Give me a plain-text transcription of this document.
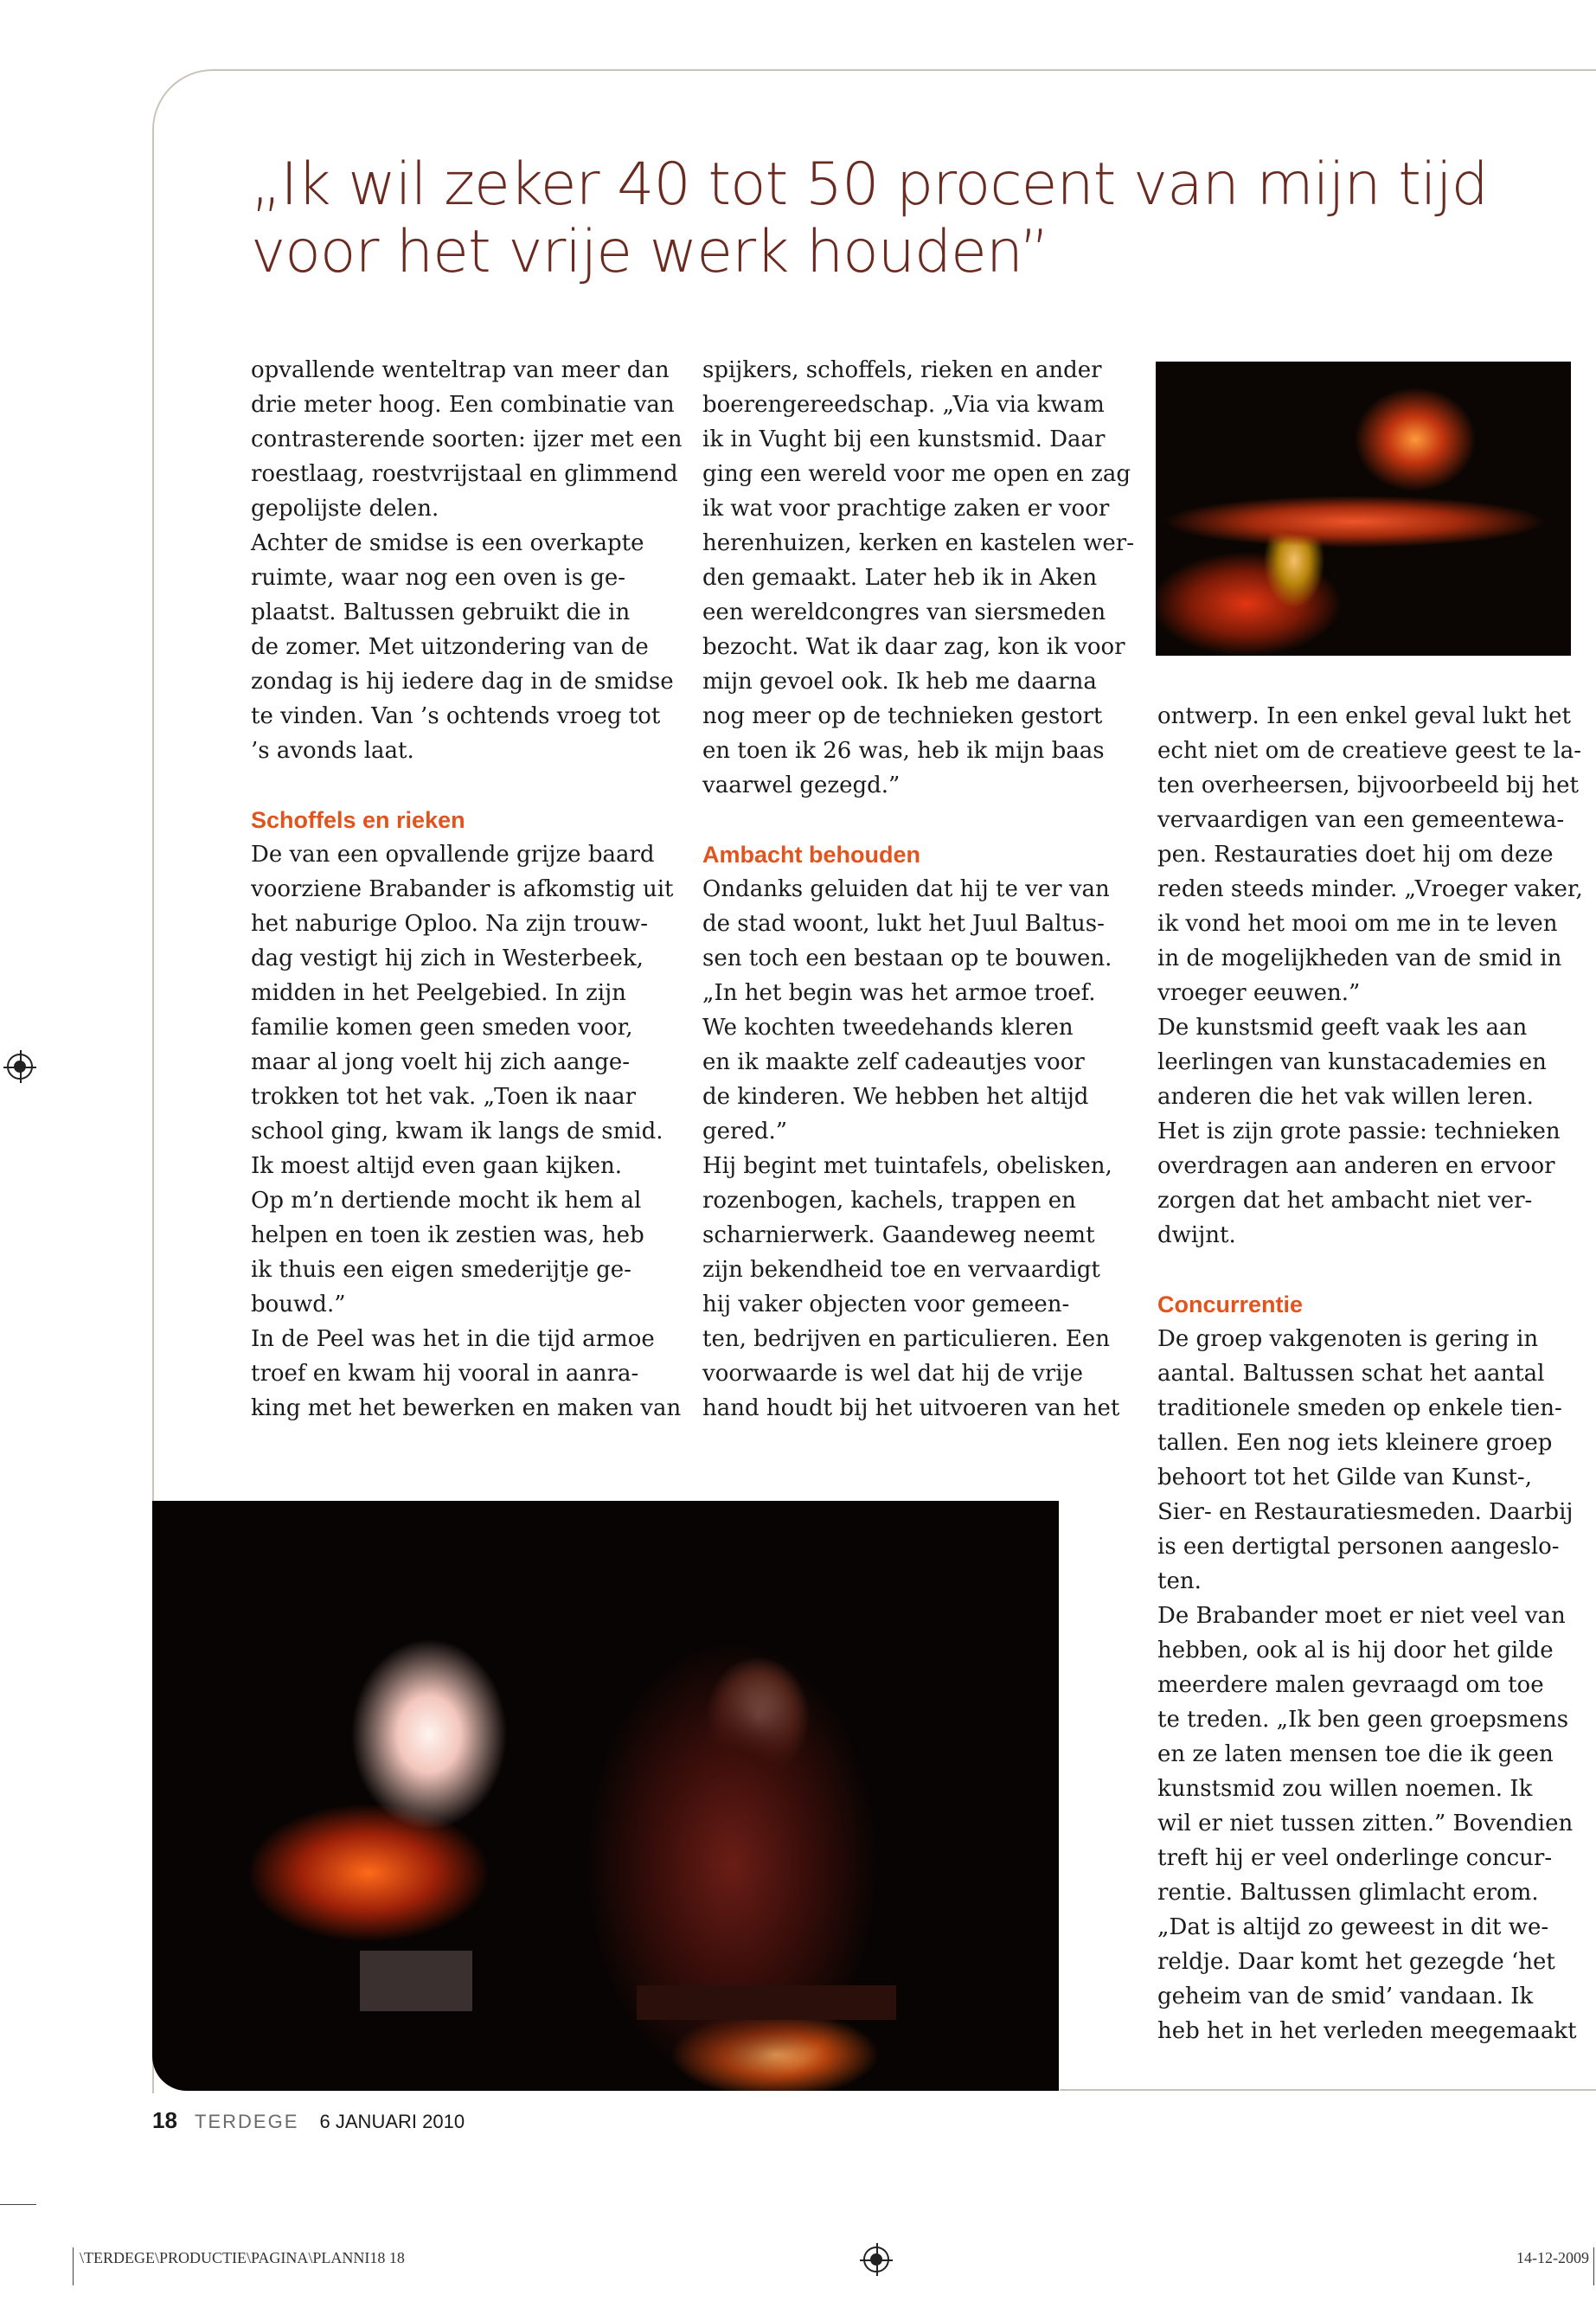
„Ik wil zeker 40 tot 50 procent van mijn tijd
voor het vrije werk houden”

opvallende wenteltrap van meer dan

drie meter hoog. Een combinatie van

contrasterende soorten: ijzer met een

roestlaag, roestvrijstaal en glimmend

gepolijste delen.

Achter de smidse is een overkapte

ruimte, waar nog een oven is ge-

plaatst. Baltussen gebruikt die in

de zomer. Met uitzondering van de

zondag is hij iedere dag in de smidse

te vinden. Van ’s ochtends vroeg tot

’s avonds laat.

Schoffels en rieken

De van een opvallende grijze baard

voorziene Brabander is afkomstig uit

het naburige Oploo. Na zijn trouw-

dag vestigt hij zich in Westerbeek,

midden in het Peelgebied. In zijn

familie komen geen smeden voor,

maar al jong voelt hij zich aange-

trokken tot het vak. „Toen ik naar

school ging, kwam ik langs de smid.

Ik moest altijd even gaan kijken.

Op m’n dertiende mocht ik hem al

helpen en toen ik zestien was, heb

ik thuis een eigen smederijtje ge-

bouwd.”

In de Peel was het in die tijd armoe

troef en kwam hij vooral in aanra-

king met het bewerken en maken van

spijkers, schoffels, rieken en ander

boerengereedschap. „Via via kwam

ik in Vught bij een kunstsmid. Daar

ging een wereld voor me open en zag

ik wat voor prachtige zaken er voor

herenhuizen, kerken en kastelen wer-

den gemaakt. Later heb ik in Aken

een wereldcongres van siersmeden

bezocht. Wat ik daar zag, kon ik voor

mijn gevoel ook. Ik heb me daarna

nog meer op de technieken gestort

en toen ik 26 was, heb ik mijn baas

vaarwel gezegd.”

Ambacht behouden

Ondanks geluiden dat hij te ver van

de stad woont, lukt het Juul Baltus-

sen toch een bestaan op te bouwen.

„In het begin was het armoe troef.

We kochten tweedehands kleren

en ik maakte zelf cadeautjes voor

de kinderen. We hebben het altijd

gered.”

Hij begint met tuintafels, obelisken,

rozenbogen, kachels, trappen en

scharnierwerk. Gaandeweg neemt

zijn bekendheid toe en vervaardigt

hij vaker objecten voor gemeen-

ten, bedrijven en particulieren. Een

voorwaarde is wel dat hij de vrije

hand houdt bij het uitvoeren van het

ontwerp. In een enkel geval lukt het

echt niet om de creatieve geest te la-

ten overheersen, bijvoorbeeld bij het

vervaardigen van een gemeentewa-

pen. Restauraties doet hij om deze

reden steeds minder. „Vroeger vaker,

ik vond het mooi om me in te leven

in de mogelijkheden van de smid in

vroeger eeuwen.”

De kunstsmid geeft vaak les aan

leerlingen van kunstacademies en

anderen die het vak willen leren.

Het is zijn grote passie: technieken

overdragen aan anderen en ervoor

zorgen dat het ambacht niet ver-

dwijnt.

Concurrentie

De groep vakgenoten is gering in

aantal. Baltussen schat het aantal

traditionele smeden op enkele tien-

tallen. Een nog iets kleinere groep

behoort tot het Gilde van Kunst-,

Sier- en Restauratiesmeden. Daarbij

is een dertigtal personen aangeslo-

ten.

De Brabander moet er niet veel van

hebben, ook al is hij door het gilde

meerdere malen gevraagd om toe

te treden. „Ik ben geen groepsmens

en ze laten mensen toe die ik geen

kunstsmid zou willen noemen. Ik

wil er niet tussen zitten.” Bovendien

treft hij er veel onderlinge concur-

rentie. Baltussen glimlacht erom.

„Dat is altijd zo geweest in dit we-

reldje. Daar komt het gezegde ‘het

geheim van de smid’ vandaan. Ik

heb het in het verleden meegemaakt

18 TERDEGE 6 JANUARI 2010
\TERDEGE\PRODUCTIE\PAGINA\PLANNI18 18	14-12-2009
